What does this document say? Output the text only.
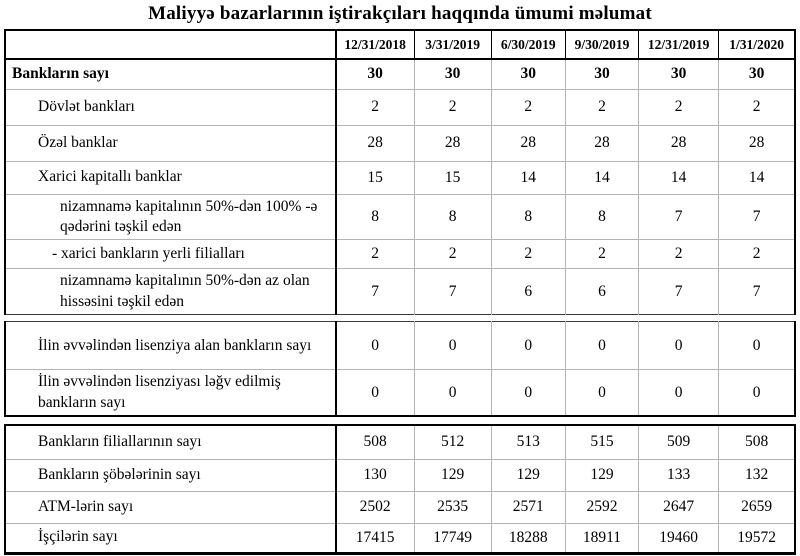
Maliyyə bazarlarının iştirakçıları haqqında ümumi məlumat
	12/31/2018	3/31/2019	6/30/2019	9/30/2019	12/31/2019	1/31/2020
Bankların sayı	30	30	30	30	30	30
Dövlət bankları	2	2	2	2	2	2
Özəl banklar	28	28	28	28	28	28
Xarici kapitallı banklar	15	15	14	14	14	14
nizamnamə kapitalının 50%-dən 100% -ə qədərini təşkil edən	8	8	8	8	7	7
- xarici bankların yerli filialları	2	2	2	2	2	2
nizamnamə kapitalının 50%-dən az olan hissəsini təşkil edən	7	7	6	6	7	7
İlin əvvəlindən lisenziya alan bankların sayı	0	0	0	0	0	0
İlin əvvəlindən lisenziyası ləğv edilmiş bankların sayı	0	0	0	0	0	0
Bankların filiallarının sayı	508	512	513	515	509	508
Bankların şöbələrinin sayı	130	129	129	129	133	132
ATM-lərin sayı	2502	2535	2571	2592	2647	2659
İşçilərin sayı	17415	17749	18288	18911	19460	19572
